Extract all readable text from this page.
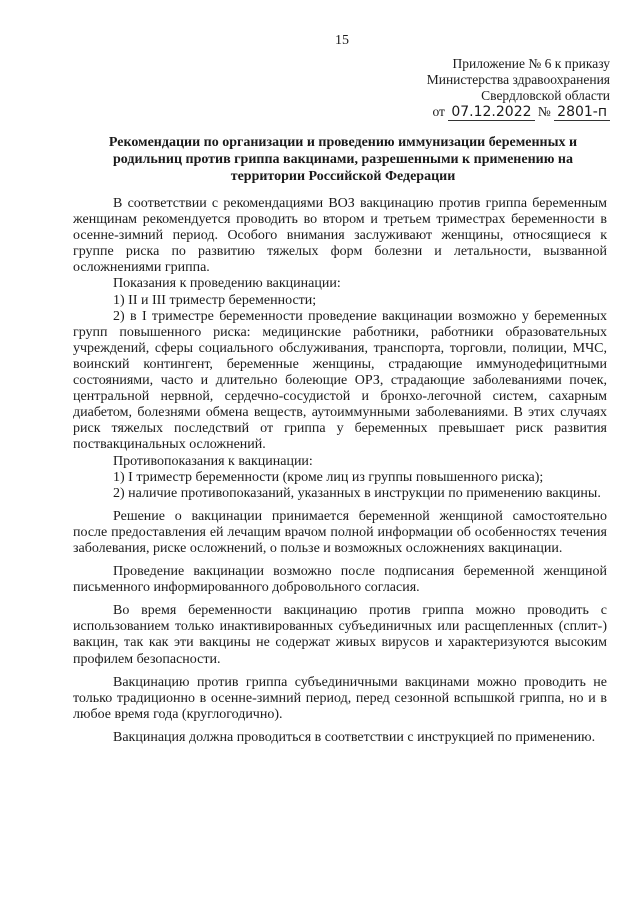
15
Приложение № 6 к приказу
Министерства здравоохранения
Свердловской области
от 07.12.2022 № 2801-п
Рекомендации по организации и проведению иммунизации беременных и родильниц против гриппа вакцинами, разрешенными к применению на территории Российской Федерации

В соответствии с рекомендациями ВОЗ вакцинацию против гриппа беременным женщинам рекомендуется проводить во втором и третьем триместрах беременности в осенне-зимний период. Особого внимания заслуживают женщины, относящиеся к группе риска по развитию тяжелых форм болезни и летальности, вызванной осложнениями гриппа.

Показания к проведению вакцинации:

1) II и III триместр беременности;

2) в I триместре беременности проведение вакцинации возможно у беременных групп повышенного риска: медицинские работники, работники образовательных учреждений, сферы социального обслуживания, транспорта, торговли, полиции, МЧС, воинский контингент, беременные женщины, страдающие иммунодефицитными состояниями, часто и длительно болеющие ОРЗ, страдающие заболеваниями почек, центральной нервной, сердечно-сосудистой и бронхо-легочной систем, сахарным диабетом, болезнями обмена веществ, аутоиммунными заболеваниями. В этих случаях риск тяжелых последствий от гриппа у беременных превышает риск развития поствакцинальных осложнений.

Противопоказания к вакцинации:

1) I триместр беременности (кроме лиц из группы повышенного риска);

2) наличие противопоказаний, указанных в инструкции по применению вакцины.

Решение о вакцинации принимается беременной женщиной самостоятельно после предоставления ей лечащим врачом полной информации об особенностях течения заболевания, риске осложнений, о пользе и возможных осложнениях вакцинации.

Проведение вакцинации возможно после подписания беременной женщиной письменного информированного добровольного согласия.

Во время беременности вакцинацию против гриппа можно проводить с использованием только инактивированных субъединичных или расщепленных (сплит-) вакцин, так как эти вакцины не содержат живых вирусов и характеризуются высоким профилем безопасности.

Вакцинацию против гриппа субъединичными вакцинами можно проводить не только традиционно в осенне-зимний период, перед сезонной вспышкой гриппа, но и в любое время года (круглогодично).

Вакцинация должна проводиться в соответствии с инструкцией по применению.
